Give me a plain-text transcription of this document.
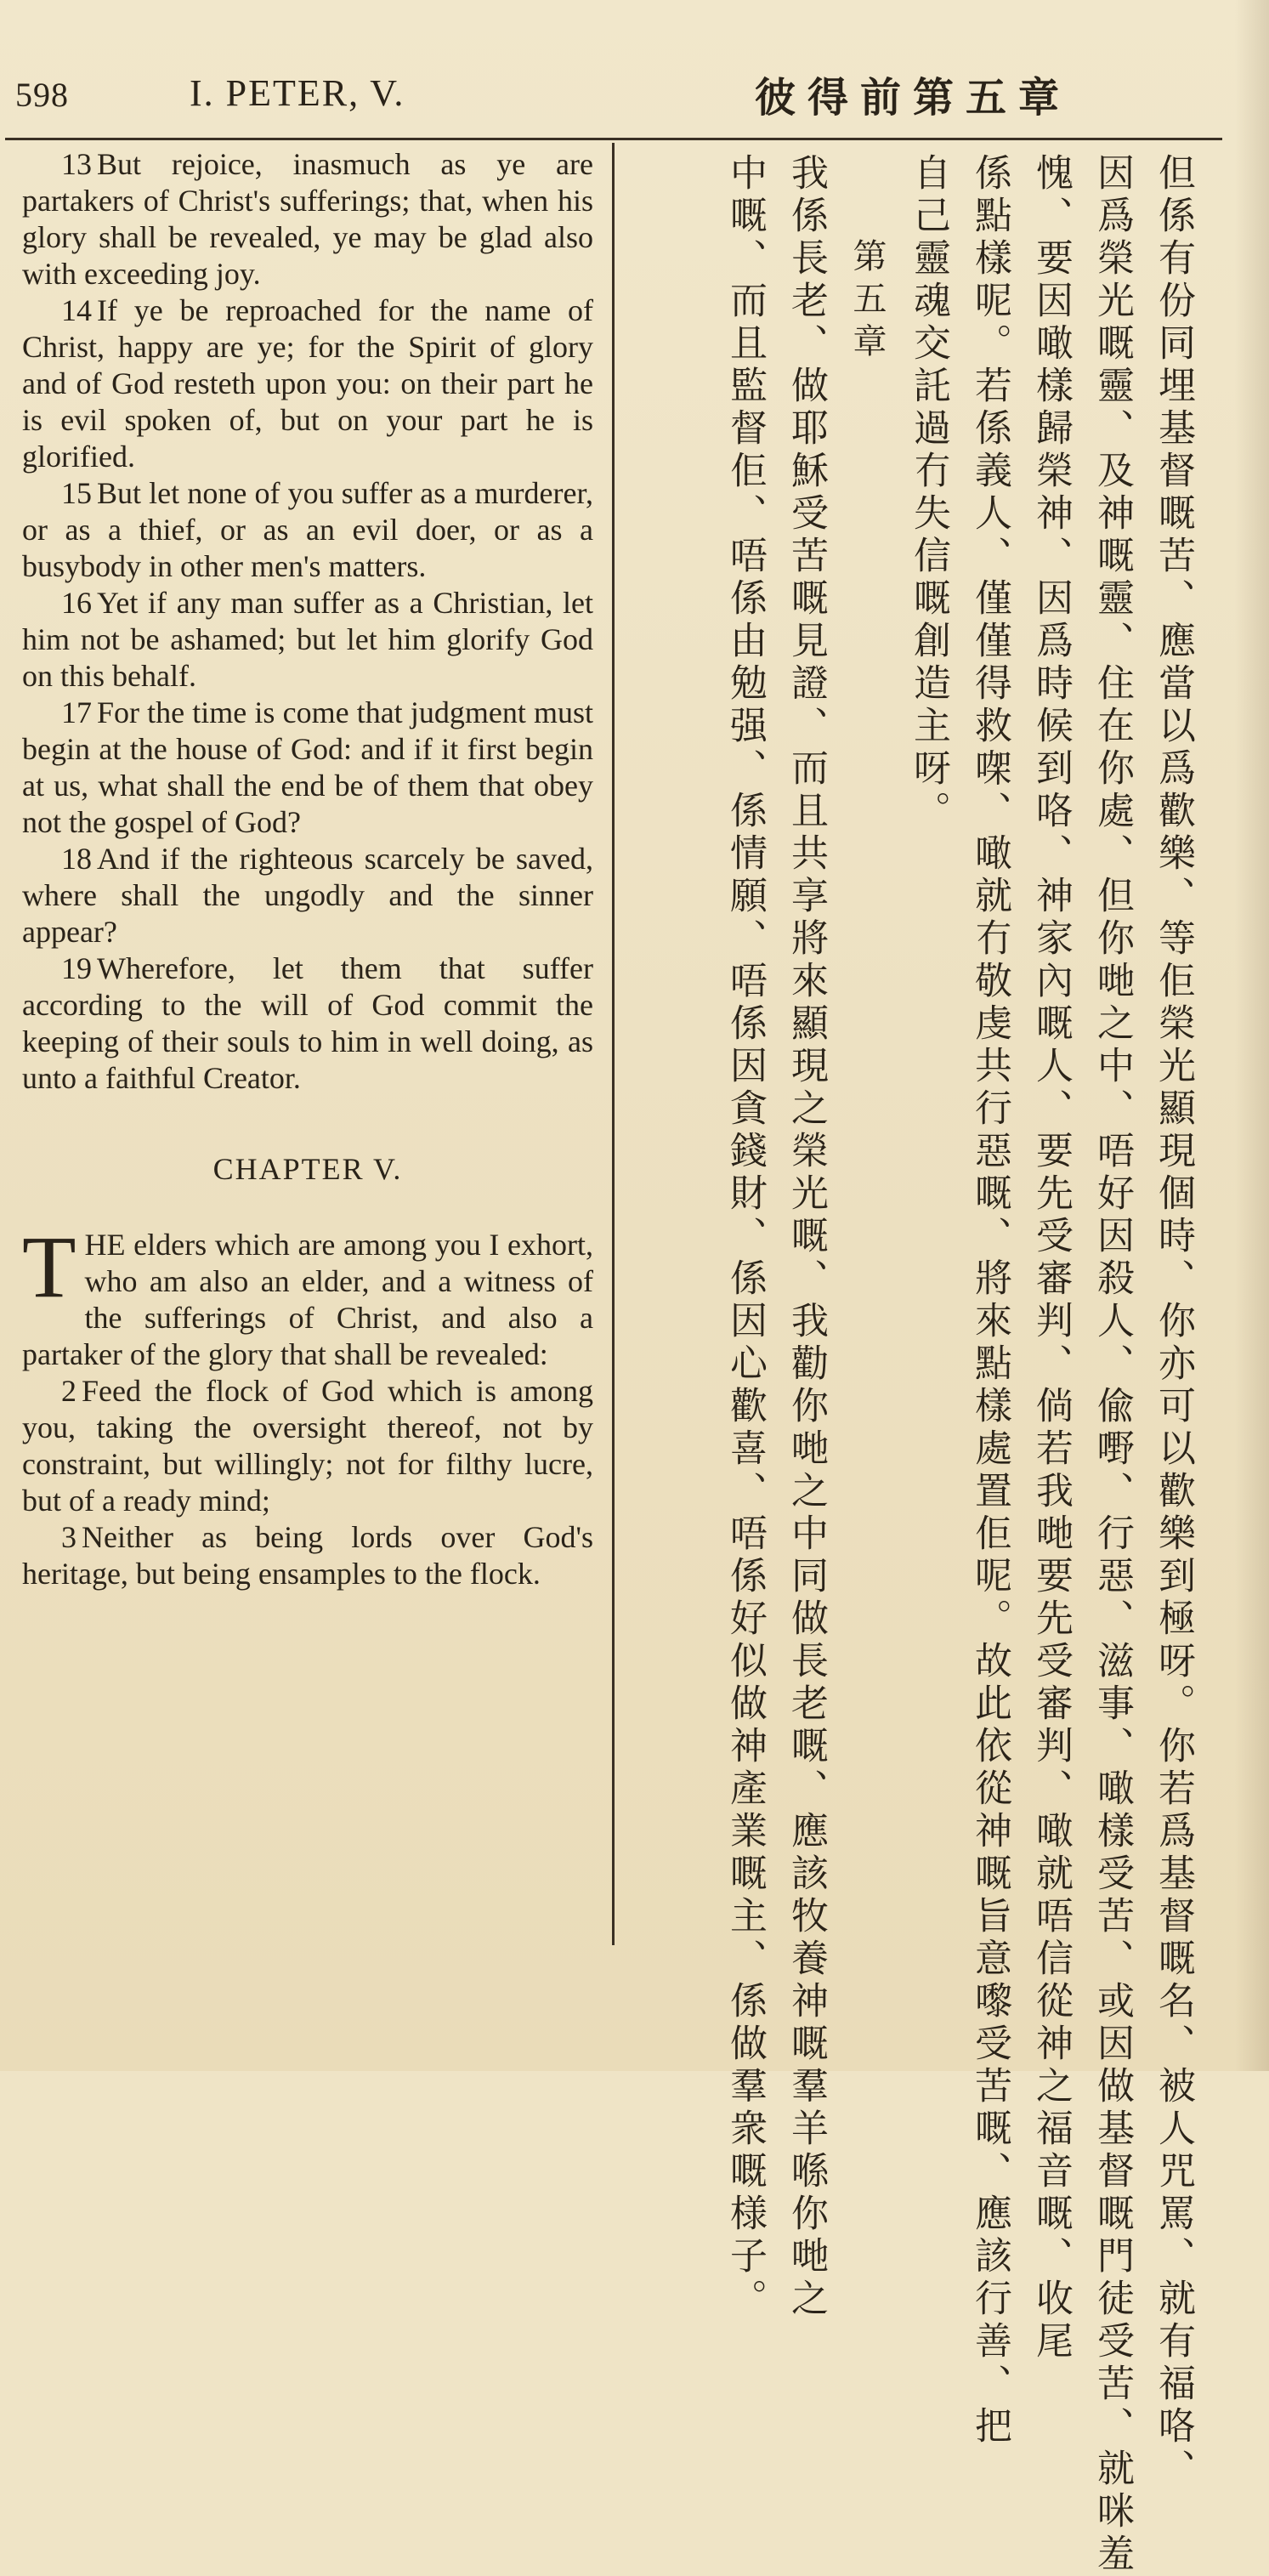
598	I. PETER, V.	彼得前第五章

13 But rejoice, inasmuch as ye are partakers of Christ's sufferings; that, when his glory shall be revealed, ye may be glad also with exceeding joy.

14 If ye be reproached for the name of Christ, happy are ye; for the Spirit of glory and of God resteth upon you: on their part he is evil spoken of, but on your part he is glorified.

15 But let none of you suffer as a murderer, or as a thief, or as an evil doer, or as a busybody in other men's matters.

16 Yet if any man suffer as a Christian, let him not be ashamed; but let him glorify God on this behalf.

17 For the time is come that judgment must begin at the house of God: and if it first begin at us, what shall the end be of them that obey not the gospel of God?

18 And if the righteous scarcely be saved, where shall the ungodly and the sinner appear?

19 Wherefore, let them that suffer according to the will of God commit the keeping of their souls to him in well doing, as unto a faithful Creator.

CHAPTER V.

T HE elders which are among you I exhort, who am also an elder, and a witness of the sufferings of Christ, and also a partaker of the glory that shall be revealed:

2 Feed the flock of God which is among you, taking the oversight thereof, not by constraint, but willingly; not for filthy lucre, but of a ready mind;

3 Neither as being lords over God's heritage, but being ensamples to the flock.	但係有份同埋基督嘅苦、應當以爲歡樂、等佢榮光顯現個時、你亦可以歡樂到極呀。你若爲基督嘅名、被人咒罵、就有福咯、
因爲榮光嘅靈、及神嘅靈、住在你處、但你哋之中、唔好因殺人、偸嘢、行惡、滋事、噉樣受苦、或因做基督嘅門徒受苦、就咪羞
愧、要因噉樣歸榮神、因爲時候到咯、神家內嘅人、要先受審判、倘若我哋要先受審判、噉就唔信從神之福音嘅、收尾
係點樣呢。若係義人、僅僅得救㗎、噉就冇敬虔共行惡嘅、將來點樣處置佢呢。故此依從神嘅旨意嚟受苦嘅、應該行善、把
自己靈魂交託過冇失信嘅創造主呀。
第五章
我係長老、做耶穌受苦嘅見證、而且共享將來顯現之榮光嘅、我勸你哋之中同做長老嘅、應該牧養神嘅羣羊喺你哋之
中嘅、而且監督佢、唔係由勉强、係情願、唔係因貪錢財、係因心歡喜、唔係好似做神產業嘅主、係做羣衆嘅様子。
